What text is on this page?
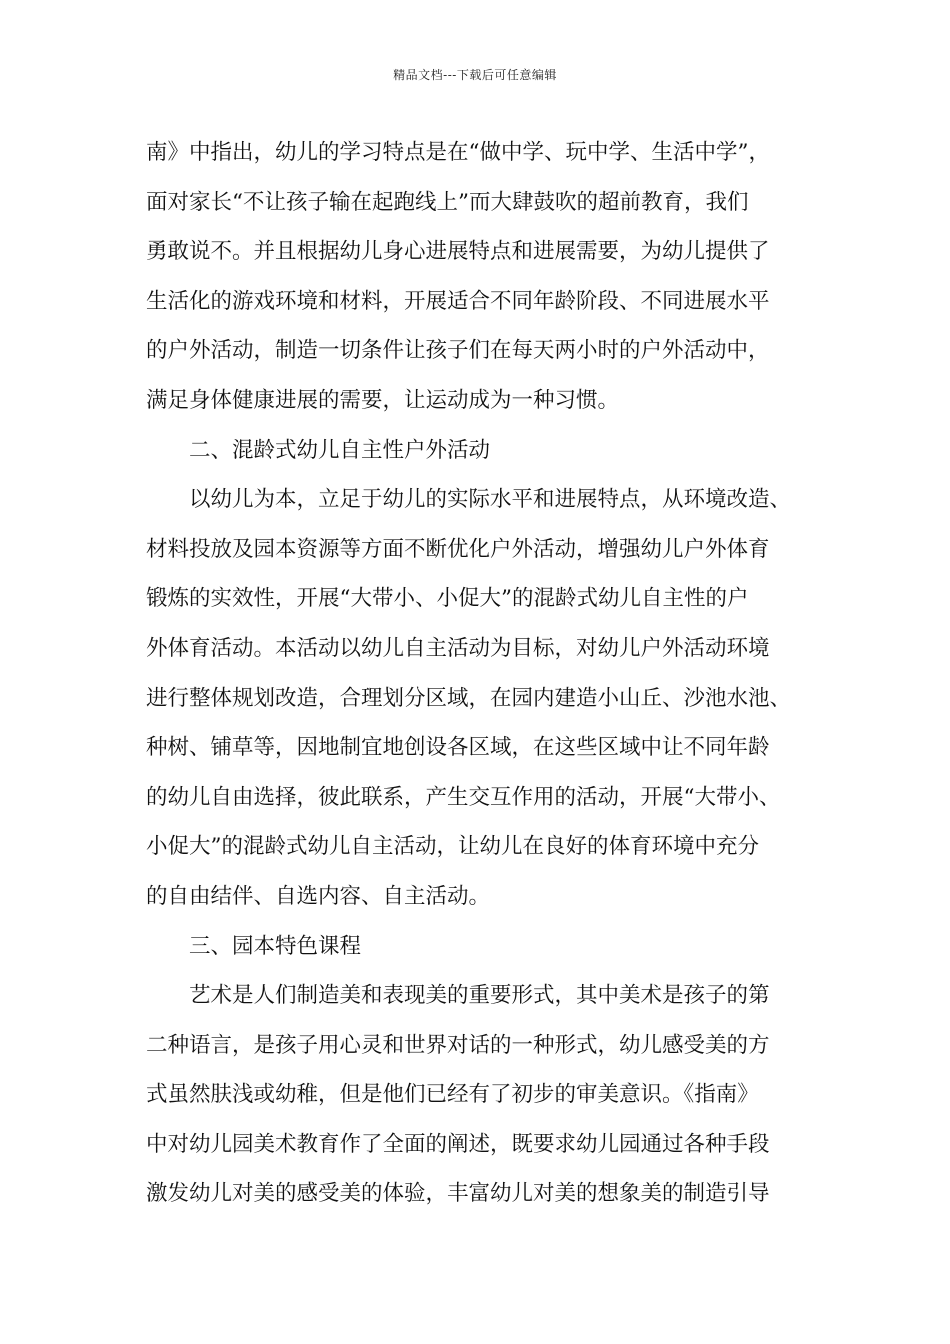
精品文档---下载后可任意编辑
南》中指出，幼儿的学习特点是在“做中学、玩中学、生活中学”，
面对家长“不让孩子输在起跑线上”而大肆鼓吹的超前教育，我们
勇敢说不。并且根据幼儿身心进展特点和进展需要，为幼儿提供了
生活化的游戏环境和材料，开展适合不同年龄阶段、不同进展水平
的户外活动，制造一切条件让孩子们在每天两小时的户外活动中，
满足身体健康进展的需要，让运动成为一种习惯。
二、混龄式幼儿自主性户外活动
以幼儿为本，立足于幼儿的实际水平和进展特点，从环境改造、
材料投放及园本资源等方面不断优化户外活动，增强幼儿户外体育
锻炼的实效性，开展“大带小、小促大”的混龄式幼儿自主性的户
外体育活动。本活动以幼儿自主活动为目标，对幼儿户外活动环境
进行整体规划改造，合理划分区域，在园内建造小山丘、沙池水池、
种树、铺草等，因地制宜地创设各区域，在这些区域中让不同年龄
的幼儿自由选择，彼此联系，产生交互作用的活动，开展“大带小、
小促大”的混龄式幼儿自主活动，让幼儿在良好的体育环境中充分
的自由结伴、自选内容、自主活动。
三、园本特色课程
艺术是人们制造美和表现美的重要形式，其中美术是孩子的第
二种语言，是孩子用心灵和世界对话的一种形式，幼儿感受美的方
式虽然肤浅或幼稚，但是他们已经有了初步的审美意识。《指南》
中对幼儿园美术教育作了全面的阐述，既要求幼儿园通过各种手段
激发幼儿对美的感受美的体验，丰富幼儿对美的想象美的制造引导
